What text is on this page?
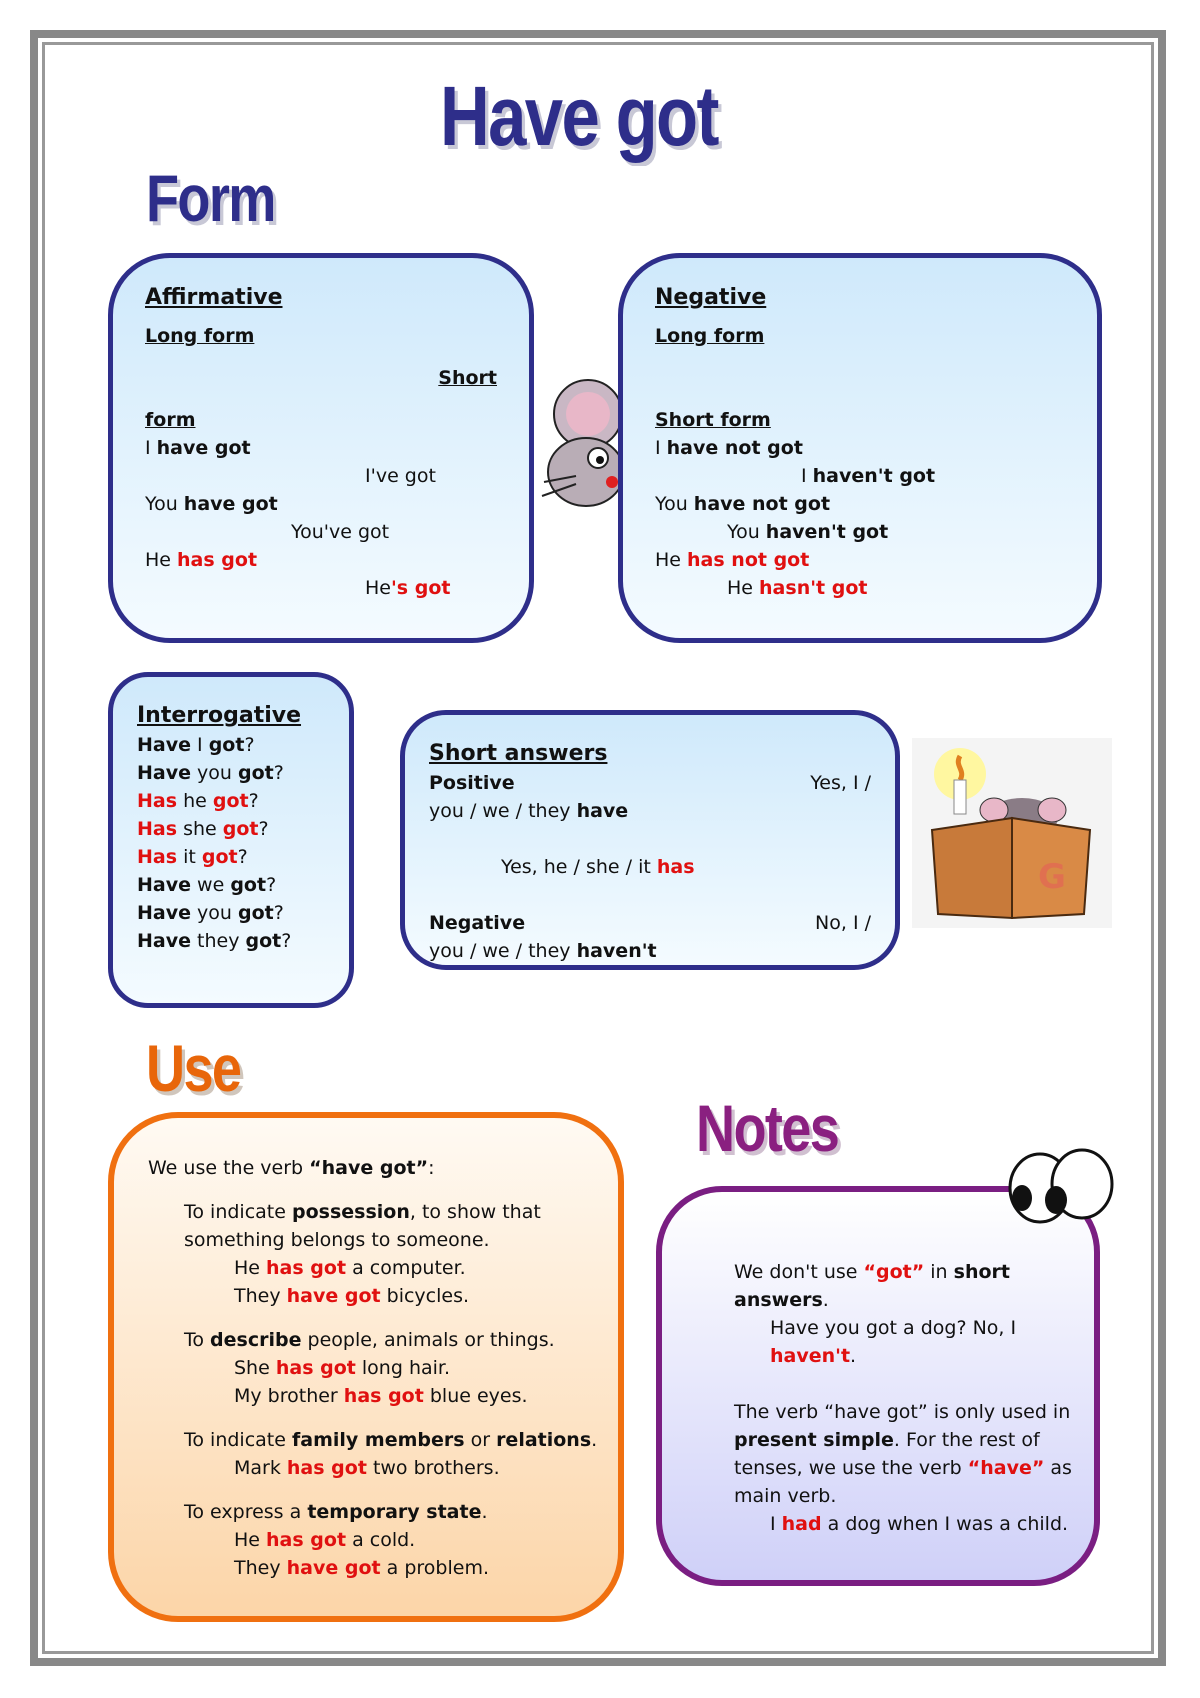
Have got
Form
Use
Notes
Affirmative
Long form
Short
form
I have got
I've got
You have got
You've got
He has got
He's got
Negative
Long form
Short form
I have not got
I haven't got
You have not got
You haven't got
He has not got
He hasn't got
Interrogative
Have I got?
Have you got?
Has he got?
Has she got?
Has it got?
Have we got?
Have you got?
Have they got?
Short answers
Positive	Yes, I /
you / we / they have
Yes, he / she / it has
Negative	No, I /
you / we / they haven't
G
We use the verb “have got”:
To indicate possession, to show that
something belongs to someone.
He has got a computer.
They have got bicycles.
To describe people, animals or things.
She has got long hair.
My brother has got blue eyes.
To indicate family members or relations.
Mark has got two brothers.
To express a temporary state.
He has got a cold.
They have got a problem.
We don't use “got” in short
answers.
Have you got a dog? No, I
haven't.
The verb “have got” is only used in
present simple. For the rest of
tenses, we use the verb “have” as
main verb.
I had a dog when I was a child.
